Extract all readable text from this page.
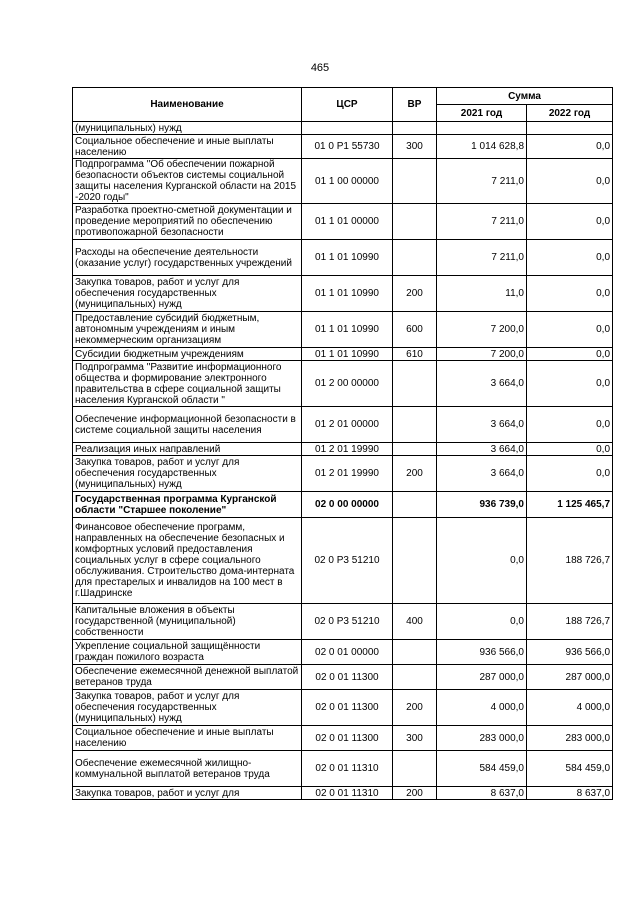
465
Наименование	ЦСР	ВР	Сумма	
			2021 год	2022 год
(муниципальных) нужд				
Социальное обеспечение и иные выплаты населению	01 0 P1 55730	300	1 014 628,8	0,0
Подпрограмма "Об обеспечении пожарной безопасности объектов системы социальной защиты населения Курганской области на 2015 -2020 годы"	01 1 00 00000		7 211,0	0,0
Разработка проектно-сметной документации и проведение мероприятий по обеспечению противопожарной безопасности	01 1 01 00000		7 211,0	0,0
Расходы на обеспечение деятельности (оказание услуг) государственных учреждений	01 1 01 10990		7 211,0	0,0
Закупка товаров, работ и услуг для обеспечения государственных (муниципальных) нужд	01 1 01 10990	200	11,0	0,0
Предоставление субсидий бюджетным, автономным учреждениям и иным некоммерческим организациям	01 1 01 10990	600	7 200,0	0,0
Субсидии бюджетным учреждениям	01 1 01 10990	610	7 200,0	0,0
Подпрограмма "Развитие информационного общества и формирование электронного правительства в сфере социальной защиты населения Курганской области "	01 2 00 00000		3 664,0	0,0
Обеспечение информационной безопасности в системе социальной защиты населения	01 2 01 00000		3 664,0	0,0
Реализация иных направлений	01 2 01 19990		3 664,0	0,0
Закупка товаров, работ и услуг для обеспечения государственных (муниципальных) нужд	01 2 01 19990	200	3 664,0	0,0
Государственная программа Курганской области "Старшее поколение"	02 0 00 00000		936 739,0	1 125 465,7
Финансовое обеспечение программ, направленных на обеспечение безопасных и комфортных условий предоставления социальных услуг в сфере социального обслуживания. Строительство дома-интерната для престарелых и инвалидов на 100 мест в г.Шадринске	02 0 P3 51210		0,0	188 726,7
Капитальные вложения в объекты государственной (муниципальной) собственности	02 0 P3 51210	400	0,0	188 726,7
Укрепление социальной защищённости граждан пожилого возраста	02 0 01 00000		936 566,0	936 566,0
Обеспечение ежемесячной денежной выплатой ветеранов труда	02 0 01 11300		287 000,0	287 000,0
Закупка товаров, работ и услуг для обеспечения государственных (муниципальных) нужд	02 0 01 11300	200	4 000,0	4 000,0
Социальное обеспечение и иные выплаты населению	02 0 01 11300	300	283 000,0	283 000,0
Обеспечение ежемесячной жилищно-коммунальной выплатой ветеранов труда	02 0 01 11310		584 459,0	584 459,0
Закупка товаров, работ и услуг для	02 0 01 11310	200	8 637,0	8 637,0
